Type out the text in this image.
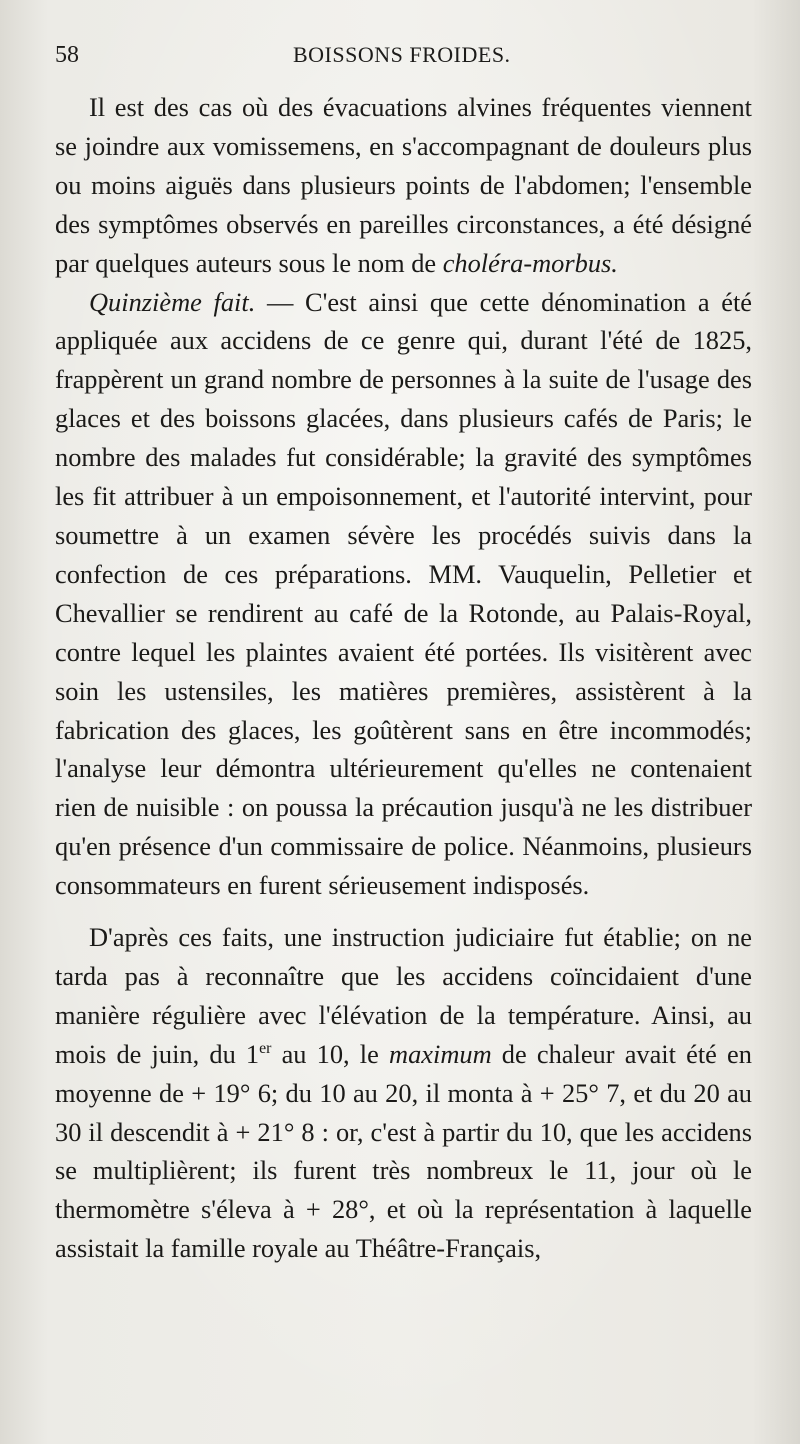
58	BOISSONS FROIDES.

Il est des cas où des évacuations alvines fréquentes viennent se joindre aux vomissemens, en s'accompagnant de douleurs plus ou moins aiguës dans plusieurs points de l'abdomen; l'ensemble des symptômes observés en pareilles circonstances, a été désigné par quelques auteurs sous le nom de choléra-morbus.

Quinzième fait. — C'est ainsi que cette dénomination a été appliquée aux accidens de ce genre qui, durant l'été de 1825, frappèrent un grand nombre de personnes à la suite de l'usage des glaces et des boissons glacées, dans plusieurs cafés de Paris; le nombre des malades fut considérable; la gravité des symptômes les fit attribuer à un empoisonnement, et l'autorité intervint, pour soumettre à un examen sévère les procédés suivis dans la confection de ces préparations. MM. Vauquelin, Pelletier et Chevallier se rendirent au café de la Rotonde, au Palais-Royal, contre lequel les plaintes avaient été portées. Ils visitèrent avec soin les ustensiles, les matières premières, assistèrent à la fabrication des glaces, les goûtèrent sans en être incommodés; l'analyse leur démontra ultérieurement qu'elles ne contenaient rien de nuisible : on poussa la précaution jusqu'à ne les distribuer qu'en présence d'un commissaire de police. Néanmoins, plusieurs consommateurs en furent sérieusement indisposés.

D'après ces faits, une instruction judiciaire fut établie; on ne tarda pas à reconnaître que les accidens coïncidaient d'une manière régulière avec l'élévation de la température. Ainsi, au mois de juin, du 1er au 10, le maximum de chaleur avait été en moyenne de + 19° 6; du 10 au 20, il monta à + 25° 7, et du 20 au 30 il descendit à + 21° 8 : or, c'est à partir du 10, que les accidens se multiplièrent; ils furent très nombreux le 11, jour où le thermomètre s'éleva à + 28°, et où la représentation à laquelle assistait la famille royale au Théâtre-Français,
